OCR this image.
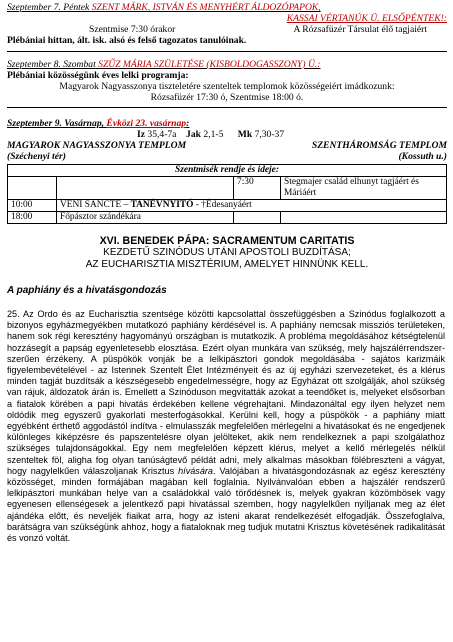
Szeptember 7. Péntek SZENT MÁRK, ISTVÁN ÉS MENYHÉRT ÁLDOZÓPAPOK,
KASSAI VÉRTANÚK Ü. ELSŐPÉNTEK!:
Szentmise 7:30 órakor	A Rózsafüzér Társulat élő tagjaiért
Plébániai hittan, ált. isk. alsó és felső tagozatos tanulóinak.
Szeptember 8. Szombat SZŰZ MÁRIA SZÜLETÉSE (KISBOLDOGASSZONY) Ü.:
Plébániai közösségünk éves lelki programja:
Magyarok Nagyasszonya tiszteletére szenteltek templomok közösségeiért imádkozunk:
Rózsafüzér 17:30 ó, Szentmise 18:00 ó.
Szeptember 9. Vasárnap, Évközi 23. vasárnap:
Iz 35,4-7a Jak 2,1-5 Mk 7,30-37
MAGYAROK NAGYASSZONYA TEMPLOM	SZENTHÁROMSÁG TEMPLOM
(Széchenyi tér)	(Kossuth u.)
Szentmisék rendje és ideje:			
		7:30	Stegmajer család elhunyt tagjáért és Máriáért
10:00	VENI SANCTE – TANÉVNYITÓ - †Édesanyáért		
18:00	Főpásztor szándékára		
XVI. BENEDEK PÁPA: SACRAMENTUM CARITATIS
KEZDETŰ SZINÓDUS UTÁNI APOSTOLI BUZDÍTÁSA;
AZ EUCHARISZTIA MISZTÉRIUM, AMELYET HINNÜNK KELL.
A paphiány és a hivatásgondozás

25. Az Ordo és az Eucharisztia szentsége közötti kapcsolattal összefüggésben a Szinódus foglalkozott a bizonyos egyházmegyékben mutatkozó paphiány kérdésével is. A paphiány nemcsak missziós területeken, hanem sok régi keresztény hagyományú országban is mutatkozik. A probléma megoldásához kétségtelenül hozzásegít a papság egyenletesebb elosztása. Ezért olyan munkára van szükség, mely hajszálérrendszer-szerűen érzékeny. A püspökök vonják be a lelkipásztori gondok megoldásába - sajátos karizmáik figyelembevételével - az Istennek Szentelt Élet Intézményeit és az új egyházi szervezeteket, és a klérus minden tagját buzdítsák a készségesebb engedelmességre, hogy az Egyházat ott szolgálják, ahol szükség van rájuk, áldozatok árán is. Emellett a Szinóduson megvitatták azokat a teendőket is, melyeket elsősorban a fiatalok körében a papi hivatás érdekében kellene végrehajtani. Mindazonáltal egy ilyen helyzet nem oldódik meg egyszerű gyakorlati mesterfogásokkal. Kerülni kell, hogy a püspökök - a paphiány miatt egyébként érthető aggodástól indítva - elmulasszák megfelelően mérlegelni a hivatásokat és ne engedjenek különleges kiképzésre és papszentelésre olyan jelölteket, akik nem rendelkeznek a papi szolgálathoz szükséges tulajdonságokkal. Egy nem megfelelően képzett klérus, melyet a kellő mérlegelés nélkül szenteltek föl, aligha fog olyan tanúságtevő példát adni, mely alkalmas másokban fölébreszteni a vágyat, hogy nagylelkűen válaszoljanak Krisztus hívására. Valójában a hivatásgondozásnak az egész keresztény közösséget, minden formájában magában kell foglalnia. Nyilvánvalóan ebben a hajszálér rendszerű lelkipásztori munkában helye van a családokkal való törődésnek is, melyek gyakran közömbösek vagy egyenesen ellenségesek a jelentkező papi hivatással szemben, hogy nagylelkűen nyíljanak meg az élet ajándéka előtt, és neveljék fiaikat arra, hogy az isteni akarat rendelkezését elfogadják. Összefoglalva, barátságra van szükségünk ahhoz, hogy a fiataloknak meg tudjuk mutatni Krisztus követésének radikalitását és vonzó voltát.
